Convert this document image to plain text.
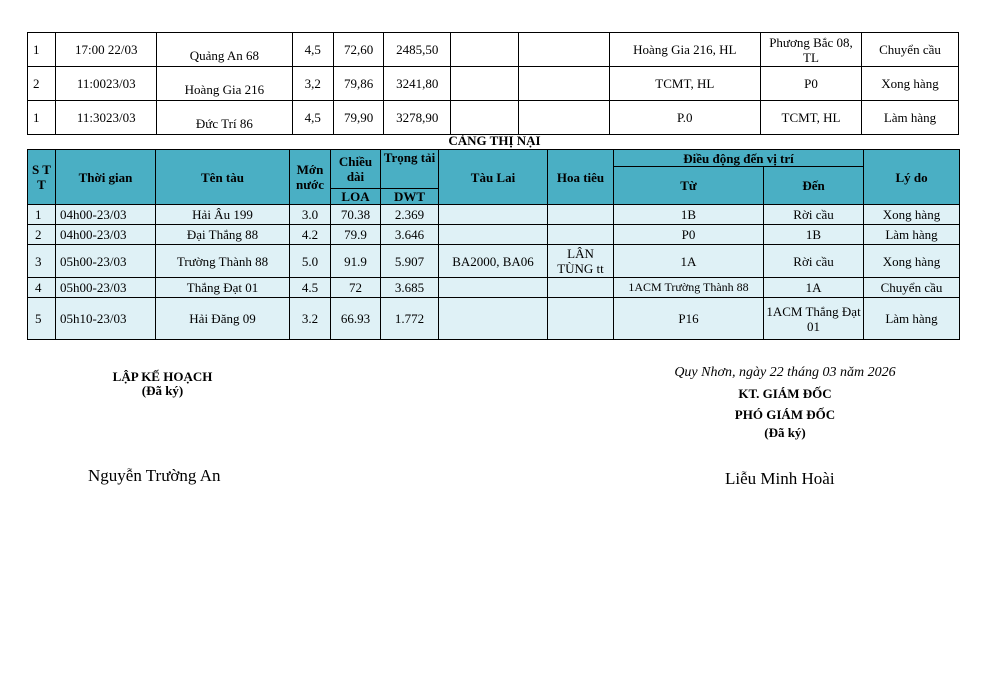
1	17:00 22/03	Quảng An 68	4,5	72,60	2485,50			Hoàng Gia 216, HL	Phương Bắc 08, TL	Chuyển cầu
2	11:0023/03	Hoàng Gia 216	3,2	79,86	3241,80			TCMT, HL	P0	Xong hàng
1	11:3023/03	Đức Trí 86	4,5	79,90	3278,90			P.0	TCMT, HL	Làm hàng
CẢNG THỊ NẠI
S T T	Thời gian	Tên tàu	Mớn nước	Chiều dài	Trọng tải	Tàu Lai	Hoa tiêu	Điều động đến vị trí		Lý do
								Từ	Đến	
				LOA	DWT					
1	04h00-23/03	Hải Âu 199	3.0	70.38	2.369			1B	Rời cầu	Xong hàng
2	04h00-23/03	Đại Thắng 88	4.2	79.9	3.646			P0	1B	Làm hàng
3	05h00-23/03	Trường Thành 88	5.0	91.9	5.907	BA2000, BA06	LÂN TÙNG tt	1A	Rời cầu	Xong hàng
4	05h00-23/03	Thắng Đạt 01	4.5	72	3.685			1ACM Trường Thành 88	1A	Chuyển cầu
5	05h10-23/03	Hải Đăng 09	3.2	66.93	1.772			P16	1ACM Thắng Đạt 01	Làm hàng
LẬP KẾ HOẠCH
(Đã ký)
Nguyễn Trường An
Quy Nhơn, ngày 22 tháng 03 năm 2026
KT. GIÁM ĐỐC
PHÓ GIÁM ĐỐC
(Đã ký)
Liễu Minh Hoài
